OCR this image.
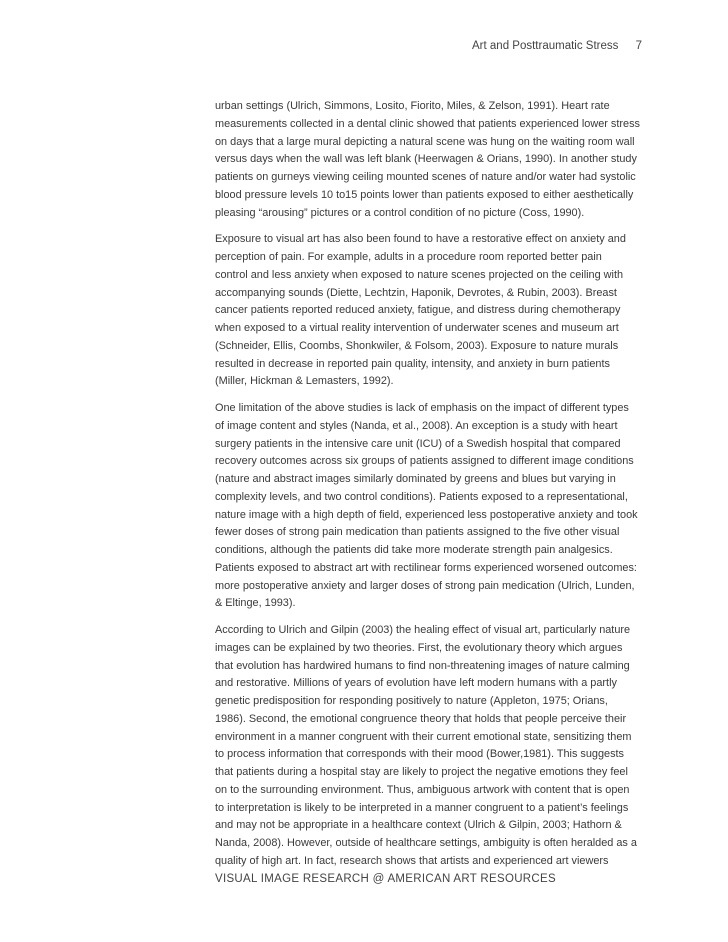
Art and Posttraumatic Stress 7
urban settings (Ulrich, Simmons, Losito, Fiorito, Miles, & Zelson, 1991). Heart rate
measurements collected in a dental clinic showed that patients experienced lower stress
on days that a large mural depicting a natural scene was hung on the waiting room wall
versus days when the wall was left blank (Heerwagen & Orians, 1990). In another study
patients on gurneys viewing ceiling mounted scenes of nature and/or water had systolic
blood pressure levels 10 to15 points lower than patients exposed to either aesthetically
pleasing “arousing” pictures or a control condition of no picture (Coss, 1990).
Exposure to visual art has also been found to have a restorative effect on anxiety and
perception of pain. For example, adults in a procedure room reported better pain
control and less anxiety when exposed to nature scenes projected on the ceiling with
accompanying sounds (Diette, Lechtzin, Haponik, Devrotes, & Rubin, 2003). Breast
cancer patients reported reduced anxiety, fatigue, and distress during chemotherapy
when exposed to a virtual reality intervention of underwater scenes and museum art
(Schneider, Ellis, Coombs, Shonkwiler, & Folsom, 2003). Exposure to nature murals
resulted in decrease in reported pain quality, intensity, and anxiety in burn patients
(Miller, Hickman & Lemasters, 1992).
One limitation of the above studies is lack of emphasis on the impact of different types
of image content and styles (Nanda, et al., 2008). An exception is a study with heart
surgery patients in the intensive care unit (ICU) of a Swedish hospital that compared
recovery outcomes across six groups of patients assigned to different image conditions
(nature and abstract images similarly dominated by greens and blues but varying in
complexity levels, and two control conditions). Patients exposed to a representational,
nature image with a high depth of field, experienced less postoperative anxiety and took
fewer doses of strong pain medication than patients assigned to the five other visual
conditions, although the patients did take more moderate strength pain analgesics.
Patients exposed to abstract art with rectilinear forms experienced worsened outcomes:
more postoperative anxiety and larger doses of strong pain medication (Ulrich, Lunden,
& Eltinge, 1993).
According to Ulrich and Gilpin (2003) the healing effect of visual art, particularly nature
images can be explained by two theories. First, the evolutionary theory which argues
that evolution has hardwired humans to find non-threatening images of nature calming
and restorative. Millions of years of evolution have left modern humans with a partly
genetic predisposition for responding positively to nature (Appleton, 1975; Orians,
1986). Second, the emotional congruence theory that holds that people perceive their
environment in a manner congruent with their current emotional state, sensitizing them
to process information that corresponds with their mood (Bower,1981). This suggests
that patients during a hospital stay are likely to project the negative emotions they feel
on to the surrounding environment. Thus, ambiguous artwork with content that is open
to interpretation is likely to be interpreted in a manner congruent to a patient’s feelings
and may not be appropriate in a healthcare context (Ulrich & Gilpin, 2003; Hathorn &
Nanda, 2008). However, outside of healthcare settings, ambiguity is often heralded as a
quality of high art. In fact, research shows that artists and experienced art viewers
VISUAL IMAGE RESEARCH @ AMERICAN ART RESOURCES
